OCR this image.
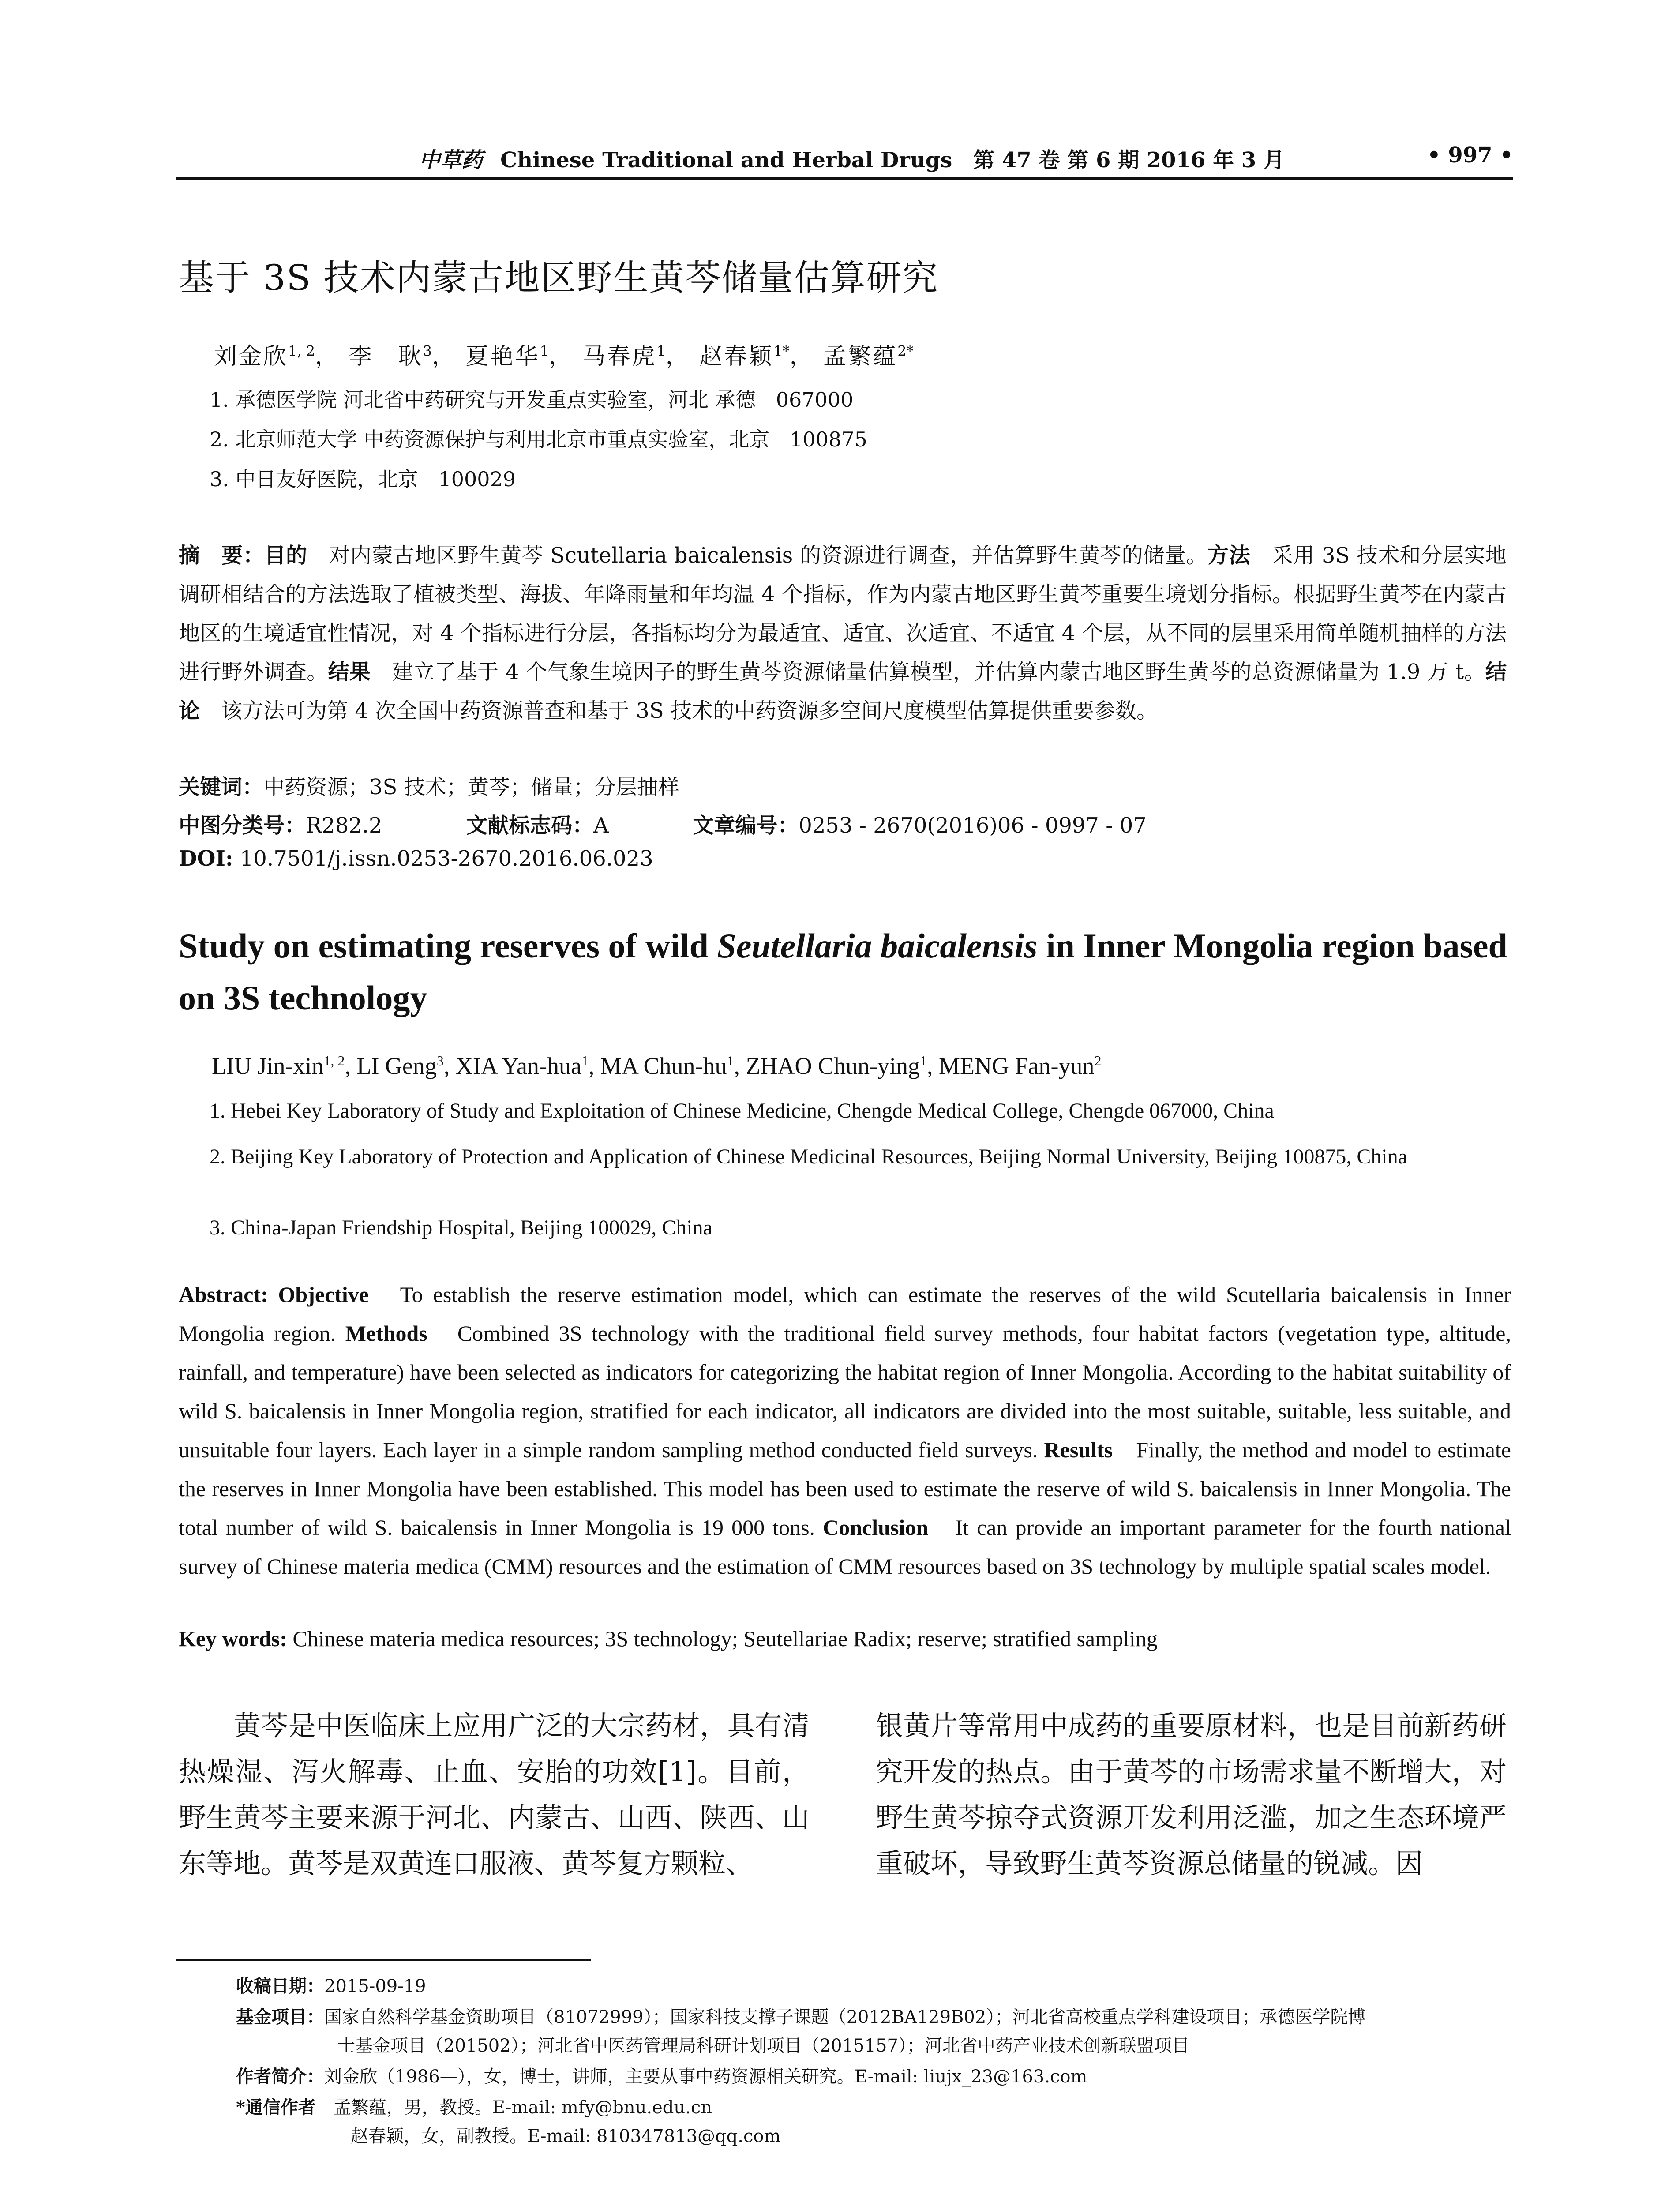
中草药 Chinese Traditional and Herbal Drugs　第 47 卷 第 6 期 2016 年 3 月	• 997 •
基于 3S 技术内蒙古地区野生黄芩储量估算研究
刘金欣$^{1, 2}$， 李　耿$^3$， 夏艳华$^1$， 马春虎$^1$， 赵春颖$^{1*}$， 孟繁蕴$^{2*}$
1. 承德医学院 河北省中药研究与开发重点实验室，河北 承德　067000
2. 北京师范大学 中药资源保护与利用北京市重点实验室，北京　100875
3. 中日友好医院，北京　100029
摘　要：目的　对内蒙古地区野生黄芩 Scutellaria baicalensis 的资源进行调查，并估算野生黄芩的储量。方法　采用 3S 技术和分层实地调研相结合的方法选取了植被类型、海拔、年降雨量和年均温 4 个指标，作为内蒙古地区野生黄芩重要生境划分指标。根据野生黄芩在内蒙古地区的生境适宜性情况，对 4 个指标进行分层，各指标均分为最适宜、适宜、次适宜、不适宜 4 个层，从不同的层里采用简单随机抽样的方法进行野外调查。结果　建立了基于 4 个气象生境因子的野生黄芩资源储量估算模型，并估算内蒙古地区野生黄芩的总资源储量为 1.9 万 t。结论　该方法可为第 4 次全国中药资源普查和基于 3S 技术的中药资源多空间尺度模型估算提供重要参数。
关键词：中药资源；3S 技术；黄芩；储量；分层抽样
中图分类号：R282.2	文献标志码：A	文章编号：0253 - 2670(2016)06 - 0997 - 07
DOI: 10.7501/j.issn.0253-2670.2016.06.023
Study on estimating reserves of wild Seutellaria baicalensis in Inner Mongolia region based on 3S technology
LIU Jin-xin$^{1, 2}$, LI Geng$^3$, XIA Yan-hua$^1$, MA Chun-$hu^1$, ZHAO Chun-ying$^1$, MENG Fan-yun$^2$
1. Hebei Key Laboratory of Study and Exploitation of Chinese Medicine, Chengde Medical College, Chengde 067000, China
2. Beijing Key Laboratory of Protection and Application of Chinese Medicinal Resources, Beijing Normal University, Beijing 100875, China
3. China-Japan Friendship Hospital, Beijing 100029, China
Abstract: Objective　To establish the reserve estimation model, which can estimate the reserves of the wild Scutellaria baicalensis in Inner Mongolia region. Methods　Combined 3S technology with the traditional field survey methods, four habitat factors (vegetation type, altitude, rainfall, and temperature) have been selected as indicators for categorizing the habitat region of Inner Mongolia. According to the habitat suitability of wild S. baicalensis in Inner Mongolia region, stratified for each indicator, all indicators are divided into the most suitable, suitable, less suitable, and unsuitable four layers. Each layer in a simple random sampling method conducted field surveys. Results　Finally, the method and model to estimate the reserves in Inner Mongolia have been established. This model has been used to estimate the reserve of wild S. baicalensis in Inner Mongolia. The total number of wild S. baicalensis in Inner Mongolia is 19 000 tons. Conclusion　It can provide an important parameter for the fourth national survey of Chinese materia medica (CMM) resources and the estimation of CMM resources based on 3S technology by multiple spatial scales model.
Key words: Chinese materia medica resources; 3S technology; Seutellariae Radix; reserve; stratified sampling
黄芩是中医临床上应用广泛的大宗药材，具有清热燥湿、泻火解毒、止血、安胎的功效[1]。目前，野生黄芩主要来源于河北、内蒙古、山西、陕西、山东等地。黄芩是双黄连口服液、黄芩复方颗粒、
银黄片等常用中成药的重要原材料，也是目前新药研究开发的热点。由于黄芩的市场需求量不断增大，对野生黄芩掠夺式资源开发利用泛滥，加之生态环境严重破坏，导致野生黄芩资源总储量的锐减。因
收稿日期：2015-09-19
基金项目：国家自然科学基金资助项目（81072999）；国家科技支撑子课题（2012BA129B02）；河北省高校重点学科建设项目；承德医学院博
士基金项目（201502）；河北省中医药管理局科研计划项目（2015157）；河北省中药产业技术创新联盟项目
作者简介：刘金欣（1986—），女，博士，讲师，主要从事中药资源相关研究。E-mail: liujx_23@163.com
*通信作者　孟繁蕴，男，教授。E-mail: mfy@bnu.edu.cn
赵春颖，女，副教授。E-mail: 810347813@qq.com
